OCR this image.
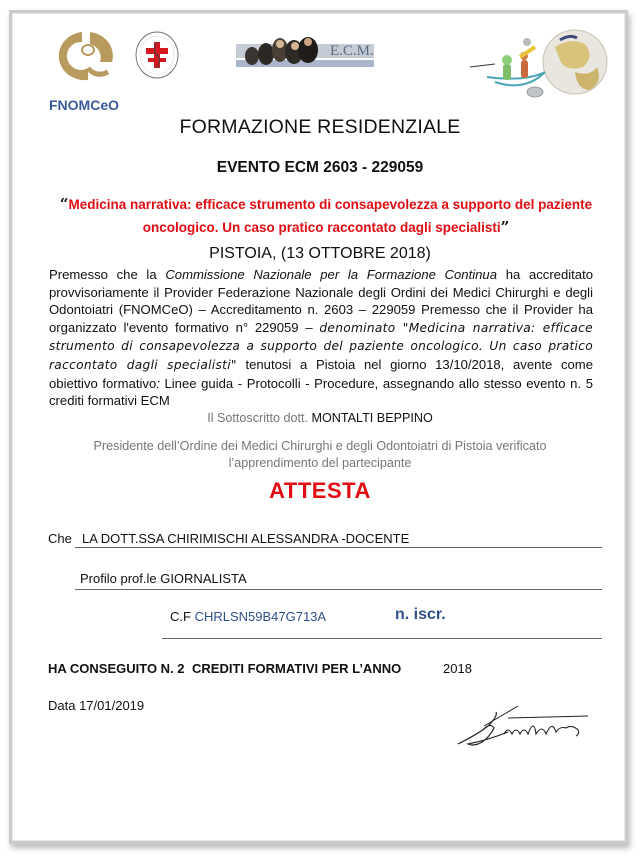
E.C.M.
FNOMCeO
FORMAZIONE RESIDENZIALE
EVENTO ECM 2603 - 229059
“Medicina narrativa: efficace strumento di consapevolezza a supporto del paziente oncologico. Un caso pratico raccontato dagli specialisti”
PISTOIA, (13 OTTOBRE 2018)
Premesso che la Commissione Nazionale per la Formazione Continua ha accreditato provvisoriamente il Provider Federazione Nazionale degli Ordini dei Medici Chirurghi e degli Odontoiatri (FNOMCeO) – Accreditamento n. 2603 – 229059 Premesso che il Provider ha organizzato l'evento formativo n° 229059 – denominato "Medicina narrativa: efficace strumento di consapevolezza a supporto del paziente oncologico. Un caso pratico raccontato dagli specialisti" tenutosi a Pistoia nel giorno 13/10/2018, avente come obiettivo formativo: Linee guida - Protocolli - Procedure, assegnando allo stesso evento n. 5 crediti formativi ECM
Il Sottoscritto dott. MONTALTI BEPPINO
Presidente dell’Ordine dei Medici Chirurghi e degli Odontoiatri di Pistoia verificato
l’apprendimento del partecipante
ATTESTA
Che LA DOTT.SSA CHIRIMISCHI ALESSANDRA -DOCENTE
Profilo prof.le GIORNALISTA
C.F CHRLSN59B47G713A	n. iscr.
HA CONSEGUITO N. 2 CREDITI FORMATIVI PER L’ANNO	2018
Data 17/01/2019
